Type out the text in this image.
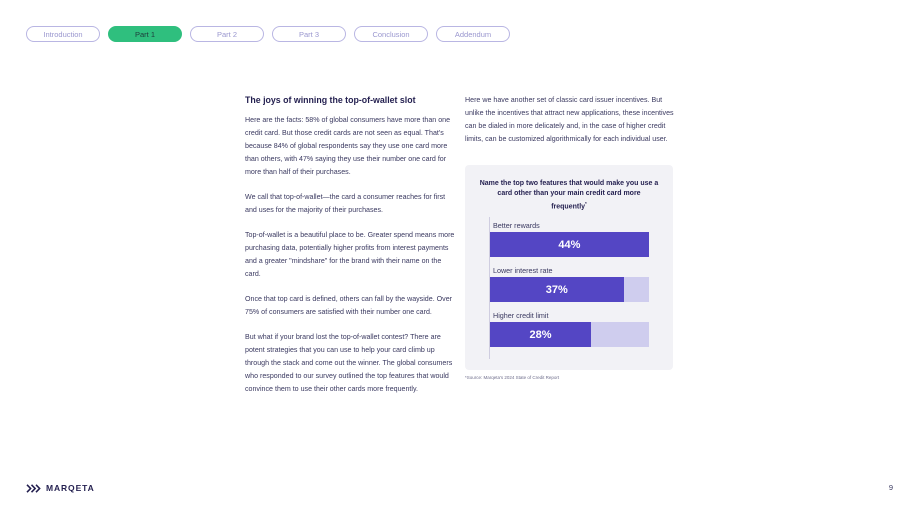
Introduction	Part 1	Part 2	Part 3	Conclusion	Addendum
The joys of winning the top-of-wallet slot

Here are the facts: 58% of global consumers have more than one credit card. But those credit cards are not seen as equal. That's because 84% of global respondents say they use one card more than others, with 47% saying they use their number one card for more than half of their purchases.

We call that top-of-wallet—the card a consumer reaches for first and uses for the majority of their purchases.

Top-of-wallet is a beautiful place to be. Greater spend means more purchasing data, potentially higher profits from interest payments and a greater "mindshare" for the brand with their name on the card.

Once that top card is defined, others can fall by the wayside. Over 75% of consumers are satisfied with their number one card.

But what if your brand lost the top-of-wallet contest? There are potent strategies that you can use to help your card climb up through the stack and come out the winner. The global consumers who responded to our survey outlined the top features that would convince them to use their other cards more frequently.

Here we have another set of classic card issuer incentives. But unlike the incentives that attract new applications, these incentives can be dialed in more delicately and, in the case of higher credit limits, can be customized algorithmically for each individual user.

Name the top two features that would make you use a card other than your main credit card more frequently*
Better rewards
44%
Lower interest rate
37%
Higher credit limit
28%
*Source: Marqeta's 2024 State of Credit Report
MARQETA	9
